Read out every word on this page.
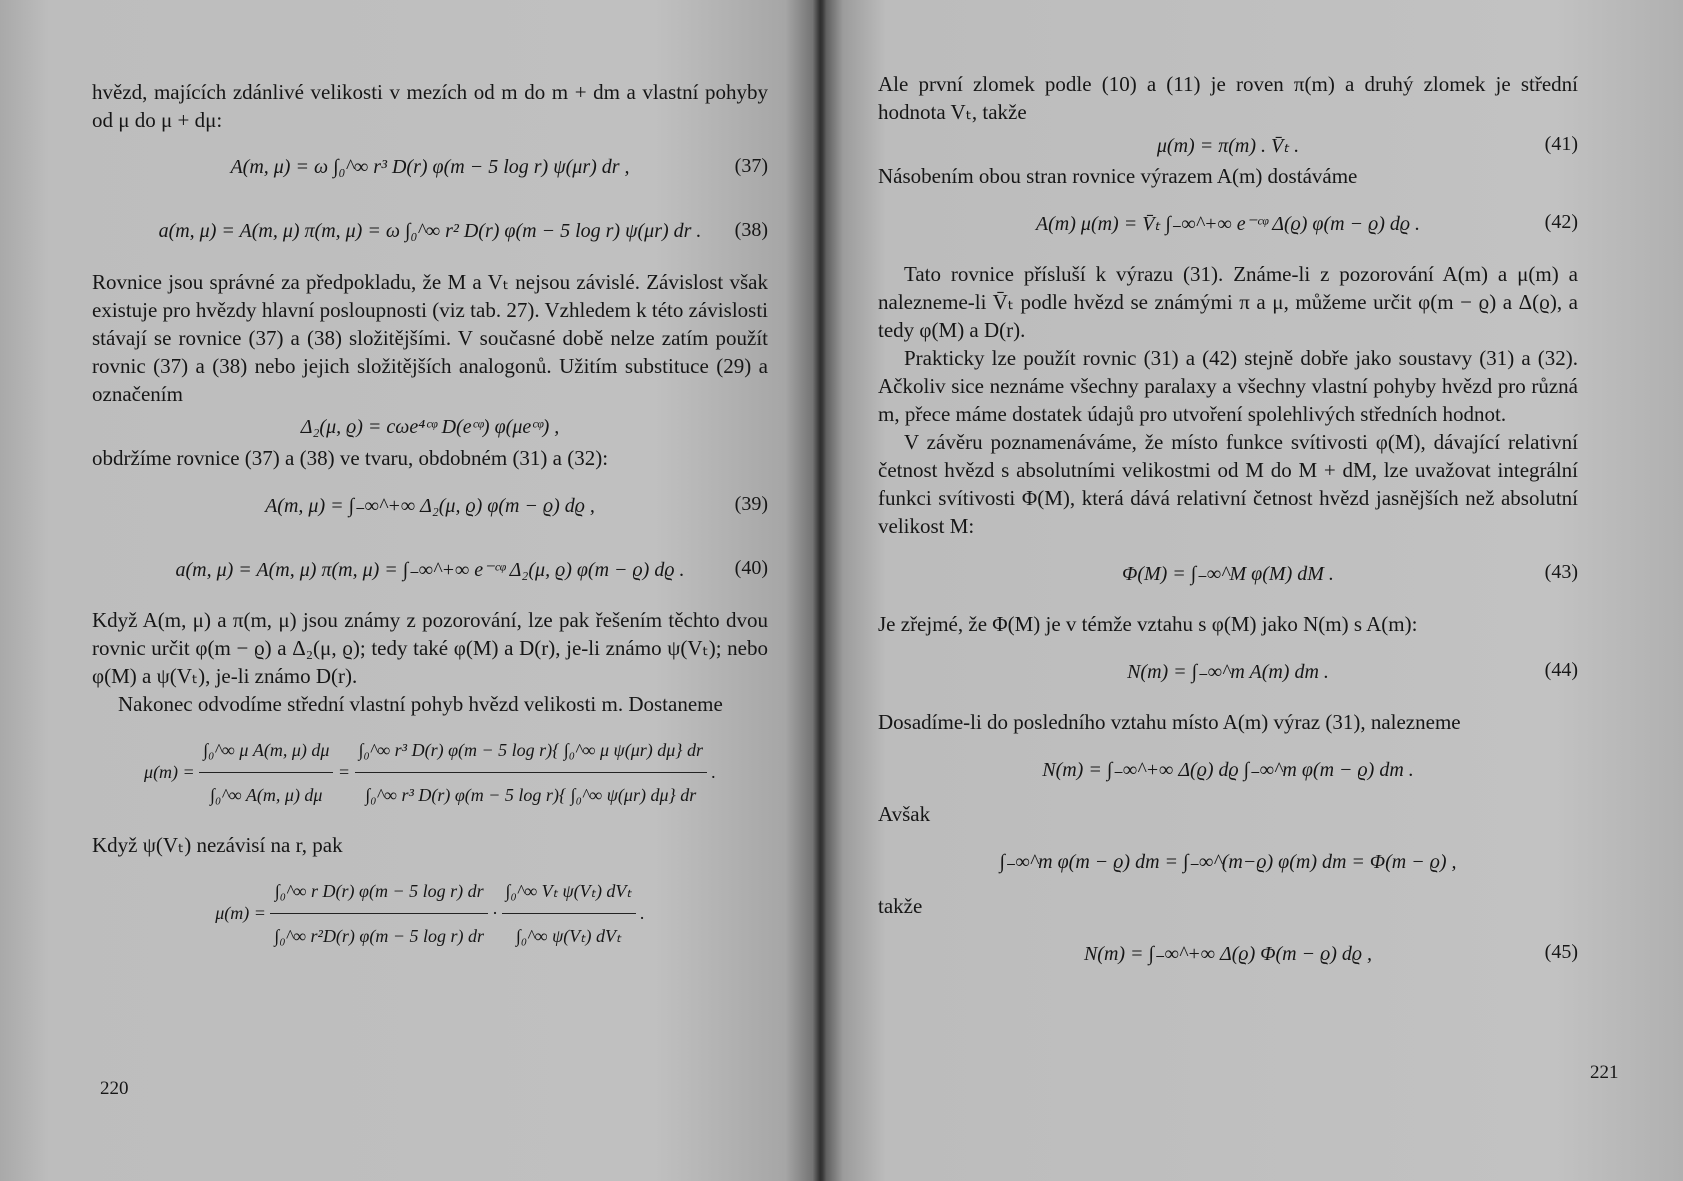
hvězd, majících zdánlivé velikosti v mezích od m do m + dm a vlastní pohyby od μ do μ + dμ:

A(m, μ) = ω ∫₀^∞ r³ D(r) φ(m − 5 log r) ψ(μr) dr ,	(37)
a(m, μ) = A(m, μ) π(m, μ) = ω ∫₀^∞ r² D(r) φ(m − 5 log r) ψ(μr) dr . (38)

Rovnice jsou správné za předpokladu, že M a Vₜ nejsou závislé. Závislost však existuje pro hvězdy hlavní posloupnosti (viz tab. 27). Vzhledem k této závislosti stávají se rovnice (37) a (38) složitějšími. V současné době nelze zatím použít rovnic (37) a (38) nebo jejich složitějších analogonů. Užitím substituce (29) a označením

Δ₂(μ, ϱ) = cωe⁴ᶜᵠ D(eᶜᵠ) φ(μeᶜᵠ) ,

obdržíme rovnice (37) a (38) ve tvaru, obdobném (31) a (32):

A(m, μ) = ∫₋∞^+∞ Δ₂(μ, ϱ) φ(m − ϱ) dϱ ,	(39)
a(m, μ) = A(m, μ) π(m, μ) = ∫₋∞^+∞ e⁻ᶜᵠ Δ₂(μ, ϱ) φ(m − ϱ) dϱ .	(40)

Když A(m, μ) a π(m, μ) jsou známy z pozorování, lze pak řešením těchto dvou rovnic určit φ(m − ϱ) a Δ₂(μ, ϱ); tedy také φ(M) a D(r), je-li známo ψ(Vₜ); nebo φ(M) a ψ(Vₜ), je-li známo D(r).

Nakonec odvodíme střední vlastní pohyb hvězd velikosti m. Dostaneme

$\mu(m) = \frac{\text{∫₀\textasciicircum{}∞ μ A(m, μ) dμ}}{\text{∫₀\textasciicircum{}∞ A(m, μ) dμ}} = \frac{\text{∫₀\textasciicircum{}∞ r³ D(r) φ(m − 5 log r)\{ ∫₀\textasciicircum{}∞ μ ψ(μr) dμ\} dr}}{\text{∫₀\textasciicircum{}∞ r³ D(r) φ(m − 5 log r)\{ ∫₀\textasciicircum{}∞ ψ(μr) dμ\} dr}}$ .

Když ψ(Vₜ) nezávisí na r, pak

$\mu(m) = \frac{\text{∫₀\textasciicircum{}∞ r D(r) φ(m − 5 log r) dr}}{\text{∫₀\textasciicircum{}∞ r²D(r) φ(m − 5 log r) dr}} \cdot \frac{\text{∫₀\textasciicircum{}∞ Vₜ ψ(Vₜ) dVₜ}}{\text{∫₀\textasciicircum{}∞ ψ(Vₜ) dVₜ}}$ .
220

Ale první zlomek podle (10) a (11) je roven π(m) a druhý zlomek je střední hodnota Vₜ, takže

μ(m) = π(m) . V̄ₜ .	(41)

Násobením obou stran rovnice výrazem A(m) dostáváme

A(m) μ(m) = V̄ₜ ∫₋∞^+∞ e⁻ᶜᵠ Δ(ϱ) φ(m − ϱ) dϱ .	(42)

Tato rovnice přísluší k výrazu (31). Známe-li z pozorování A(m) a μ(m) a nalezneme-li V̄ₜ podle hvězd se známými π a μ, můžeme určit φ(m − ϱ) a Δ(ϱ), a tedy φ(M) a D(r).

Prakticky lze použít rovnic (31) a (42) stejně dobře jako soustavy (31) a (32). Ačkoliv sice neznáme všechny paralaxy a všechny vlastní pohyby hvězd pro různá m, přece máme dostatek údajů pro utvoření spolehlivých středních hodnot.

V závěru poznamenáváme, že místo funkce svítivosti φ(M), dávající relativní četnost hvězd s absolutními velikostmi od M do M + dM, lze uvažovat integrální funkci svítivosti Φ(M), která dává relativní četnost hvězd jasnějších než absolutní velikost M:

Φ(M) = ∫₋∞^M φ(M) dM .	(43)

Je zřejmé, že Φ(M) je v témže vztahu s φ(M) jako N(m) s A(m):

N(m) = ∫₋∞^m A(m) dm .	(44)

Dosadíme-li do posledního vztahu místo A(m) výraz (31), nalezneme

N(m) = ∫₋∞^+∞ Δ(ϱ) dϱ ∫₋∞^m φ(m − ϱ) dm .

Avšak

∫₋∞^m φ(m − ϱ) dm = ∫₋∞^(m−ϱ) φ(m) dm = Φ(m − ϱ) ,

takže

N(m) = ∫₋∞^+∞ Δ(ϱ) Φ(m − ϱ) dϱ ,	(45)
221
